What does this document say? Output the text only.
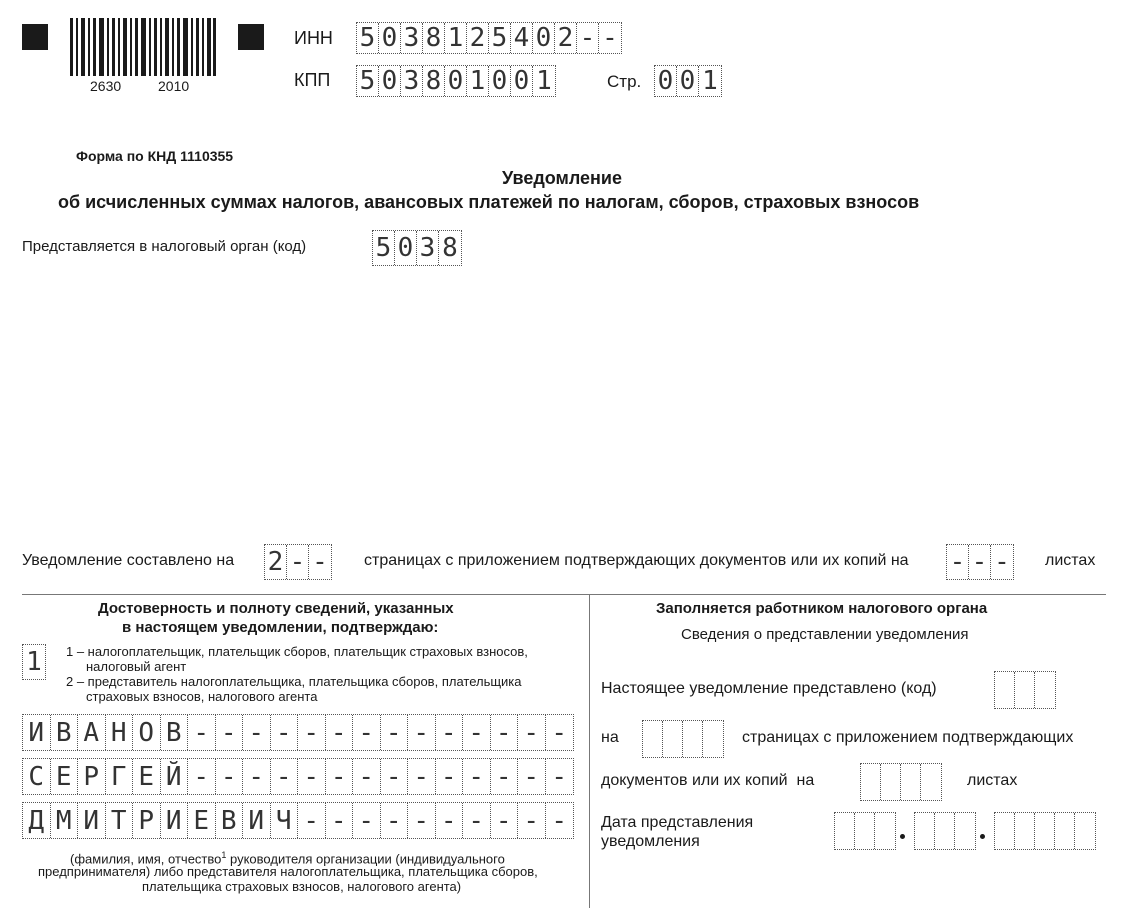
2630	2010
ИНН 5 0 3 8 1 2 5 4 0 2 - -
КПП 5 0 3 8 0 1 0 0 1	Стр. 0 0 1
Форма по КНД 1110355
Уведомление
об исчисленных суммах налогов, авансовых платежей по налогам, сборов, страховых взносов
Представляется в налоговый орган (код)	5 0 3 8
Уведомление составлено на 2 - - страницах с приложением подтверждающих документов или их копий на - - - листах
Достоверность и полноту сведений, указанных
в настоящем уведомлении, подтверждаю:
1 1 – налогоплательщик, плательщик сборов, плательщик страховых взносов,
налоговый агент
2 – представитель налогоплательщика, плательщика сборов, плательщика
страховых взносов, налогового агента
И В А Н О В - - - - - - - - - - - - - -
С Е Р Г Е Й - - - - - - - - - - - - - -
Д М И Т Р И Е В И Ч - - - - - - - - - -
(фамилия, имя, отчество$^1$ руководителя организации (индивидуального
предпринимателя) либо представителя налогоплательщика, плательщика сборов,
плательщика страховых взносов, налогового агента)
Заполняется работником налогового органа
Сведения о представлении уведомления
Настоящее уведомление представлено (код)
на	страницах с приложением подтверждающих
документов или их копий на	листах
Дата представления
уведомления
